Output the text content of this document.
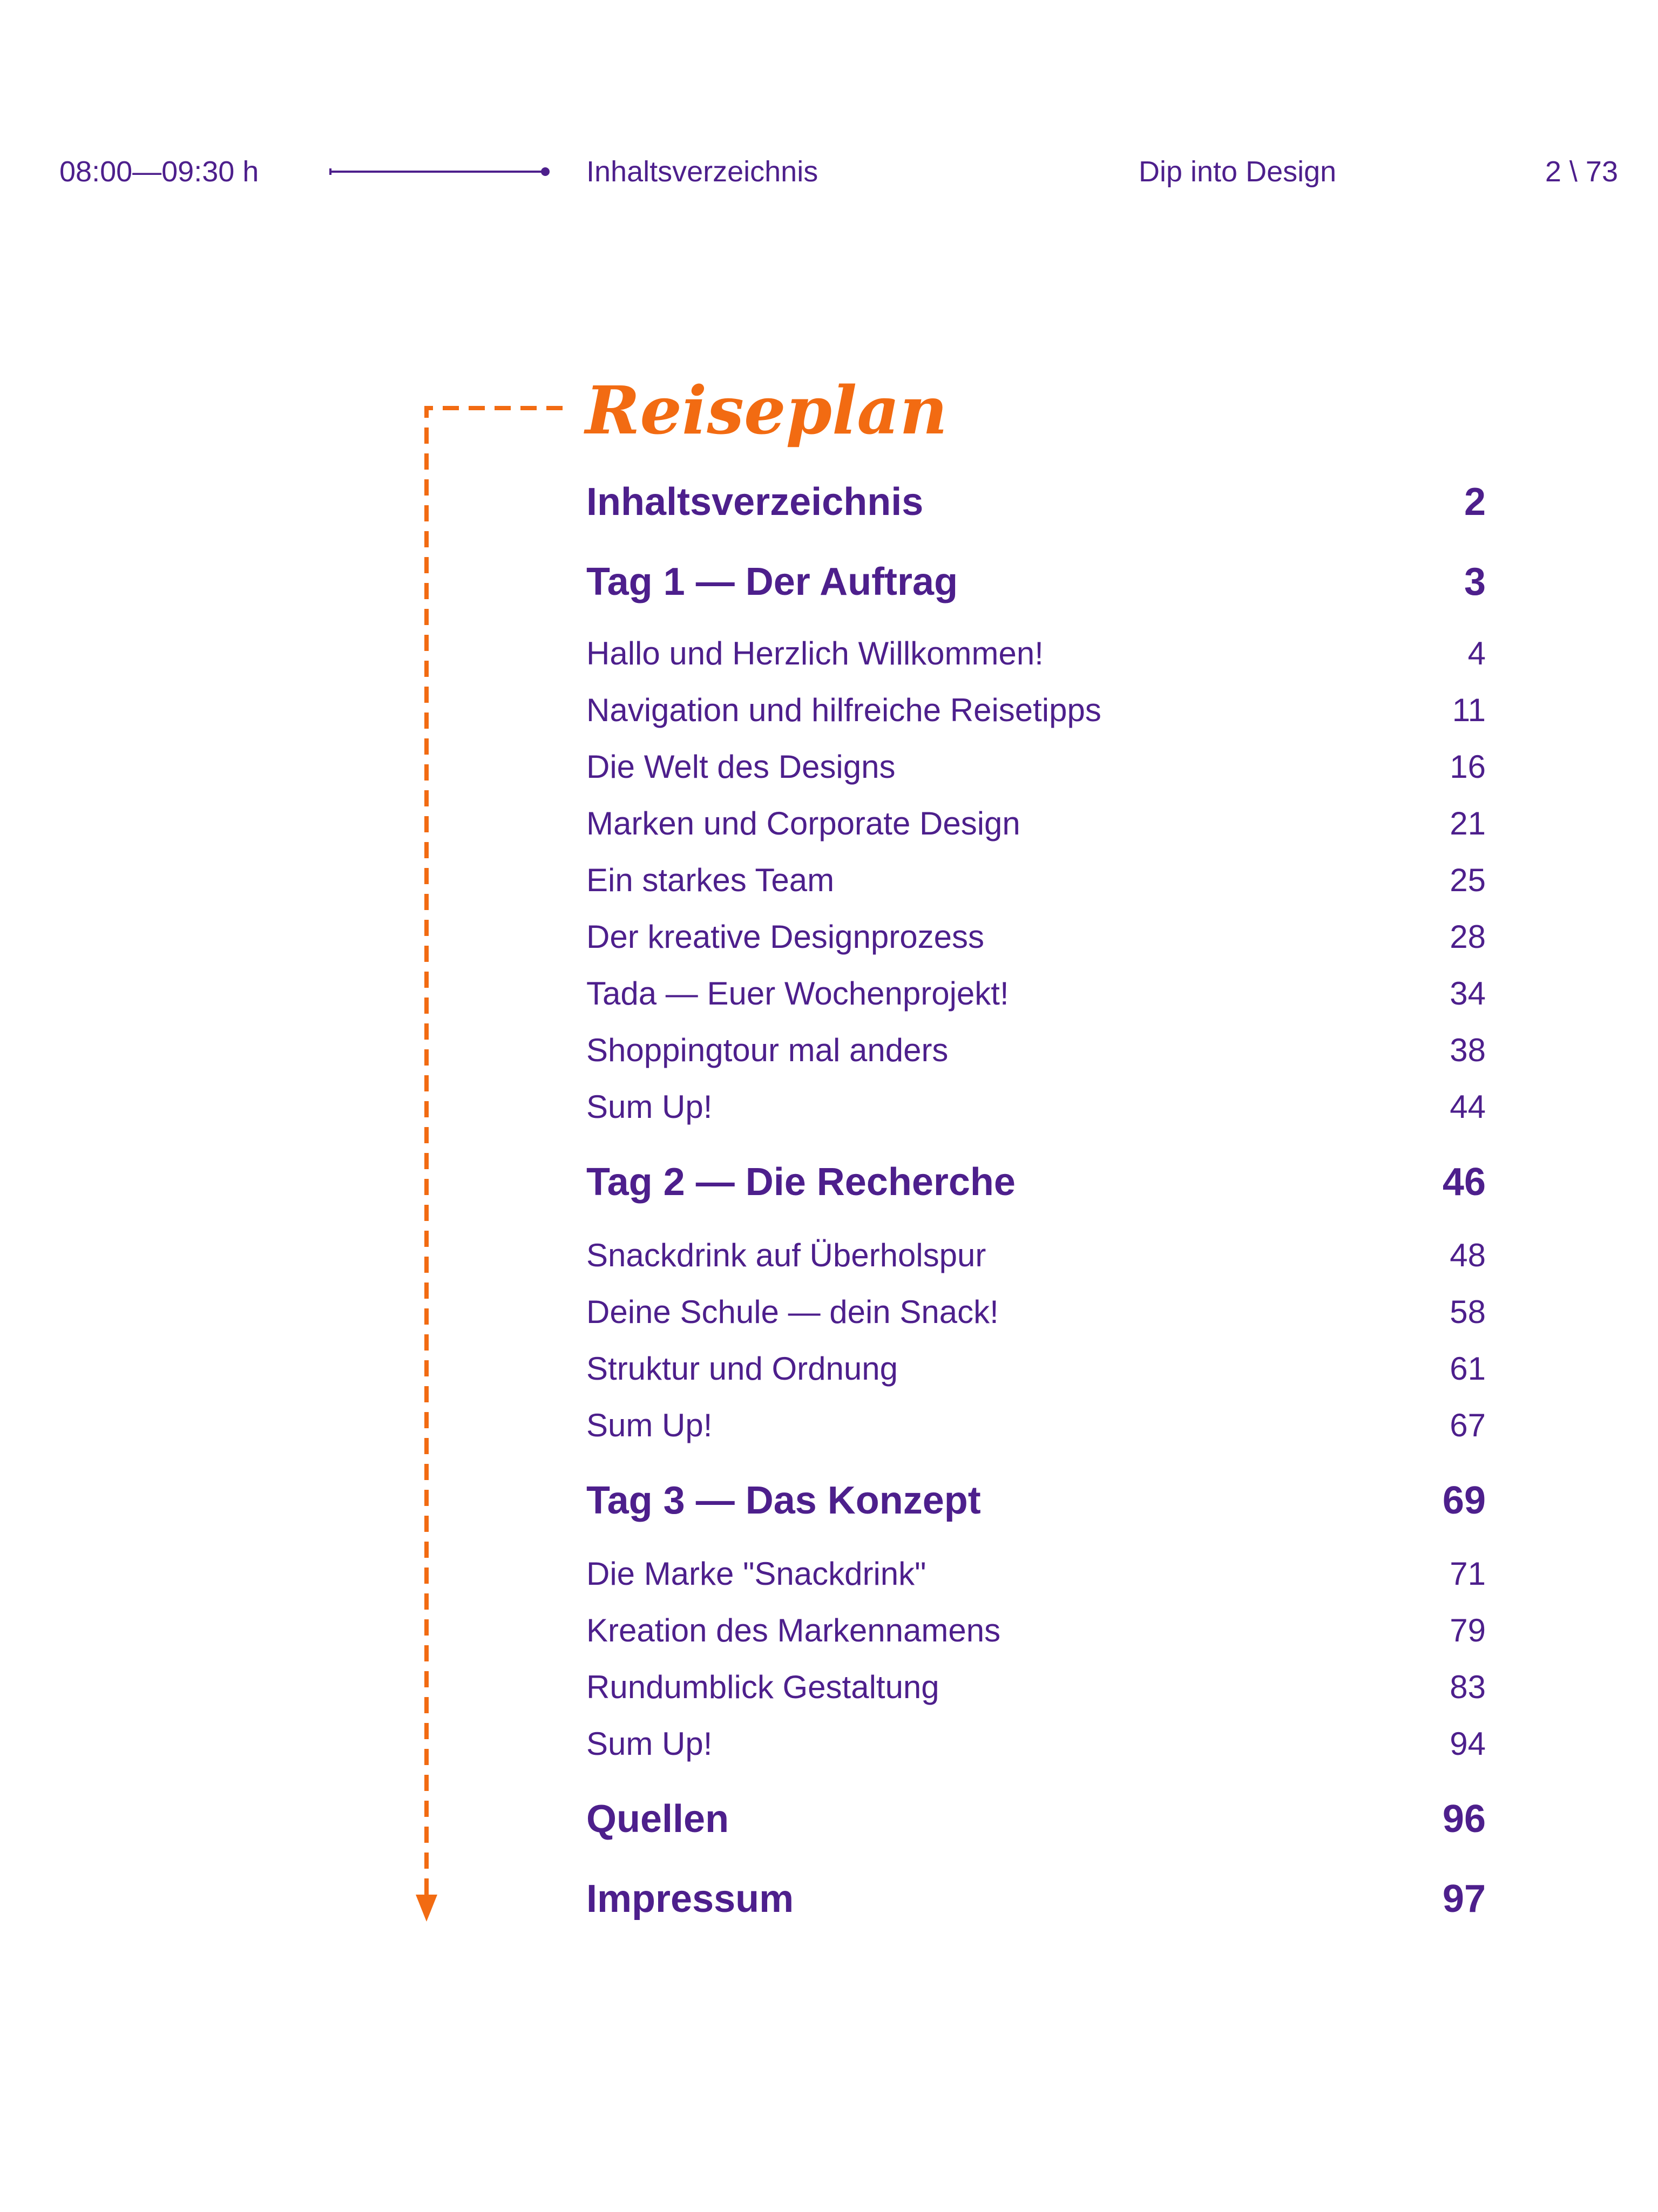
08:00—09:30 h	Inhaltsverzeichnis	Dip into Design	2 \ 73
Reiseplan
Inhaltsverzeichnis	2
Tag 1 — Der Auftrag	3
Hallo und Herzlich Willkommen!	4
Navigation und hilfreiche Reisetipps	11
Die Welt des Designs	16
Marken und Corporate Design	21
Ein starkes Team	25
Der kreative Designprozess	28
Tada — Euer Wochenprojekt!	34
Shoppingtour mal anders	38
Sum Up!	44
Tag 2 — Die Recherche	46
Snackdrink auf Überholspur	48
Deine Schule — dein Snack!	58
Struktur und Ordnung	61
Sum Up!	67
Tag 3 — Das Konzept	69
Die Marke "Snackdrink"	71
Kreation des Markennamens	79
Rundumblick Gestaltung	83
Sum Up!	94
Quellen	96
Impressum	97
